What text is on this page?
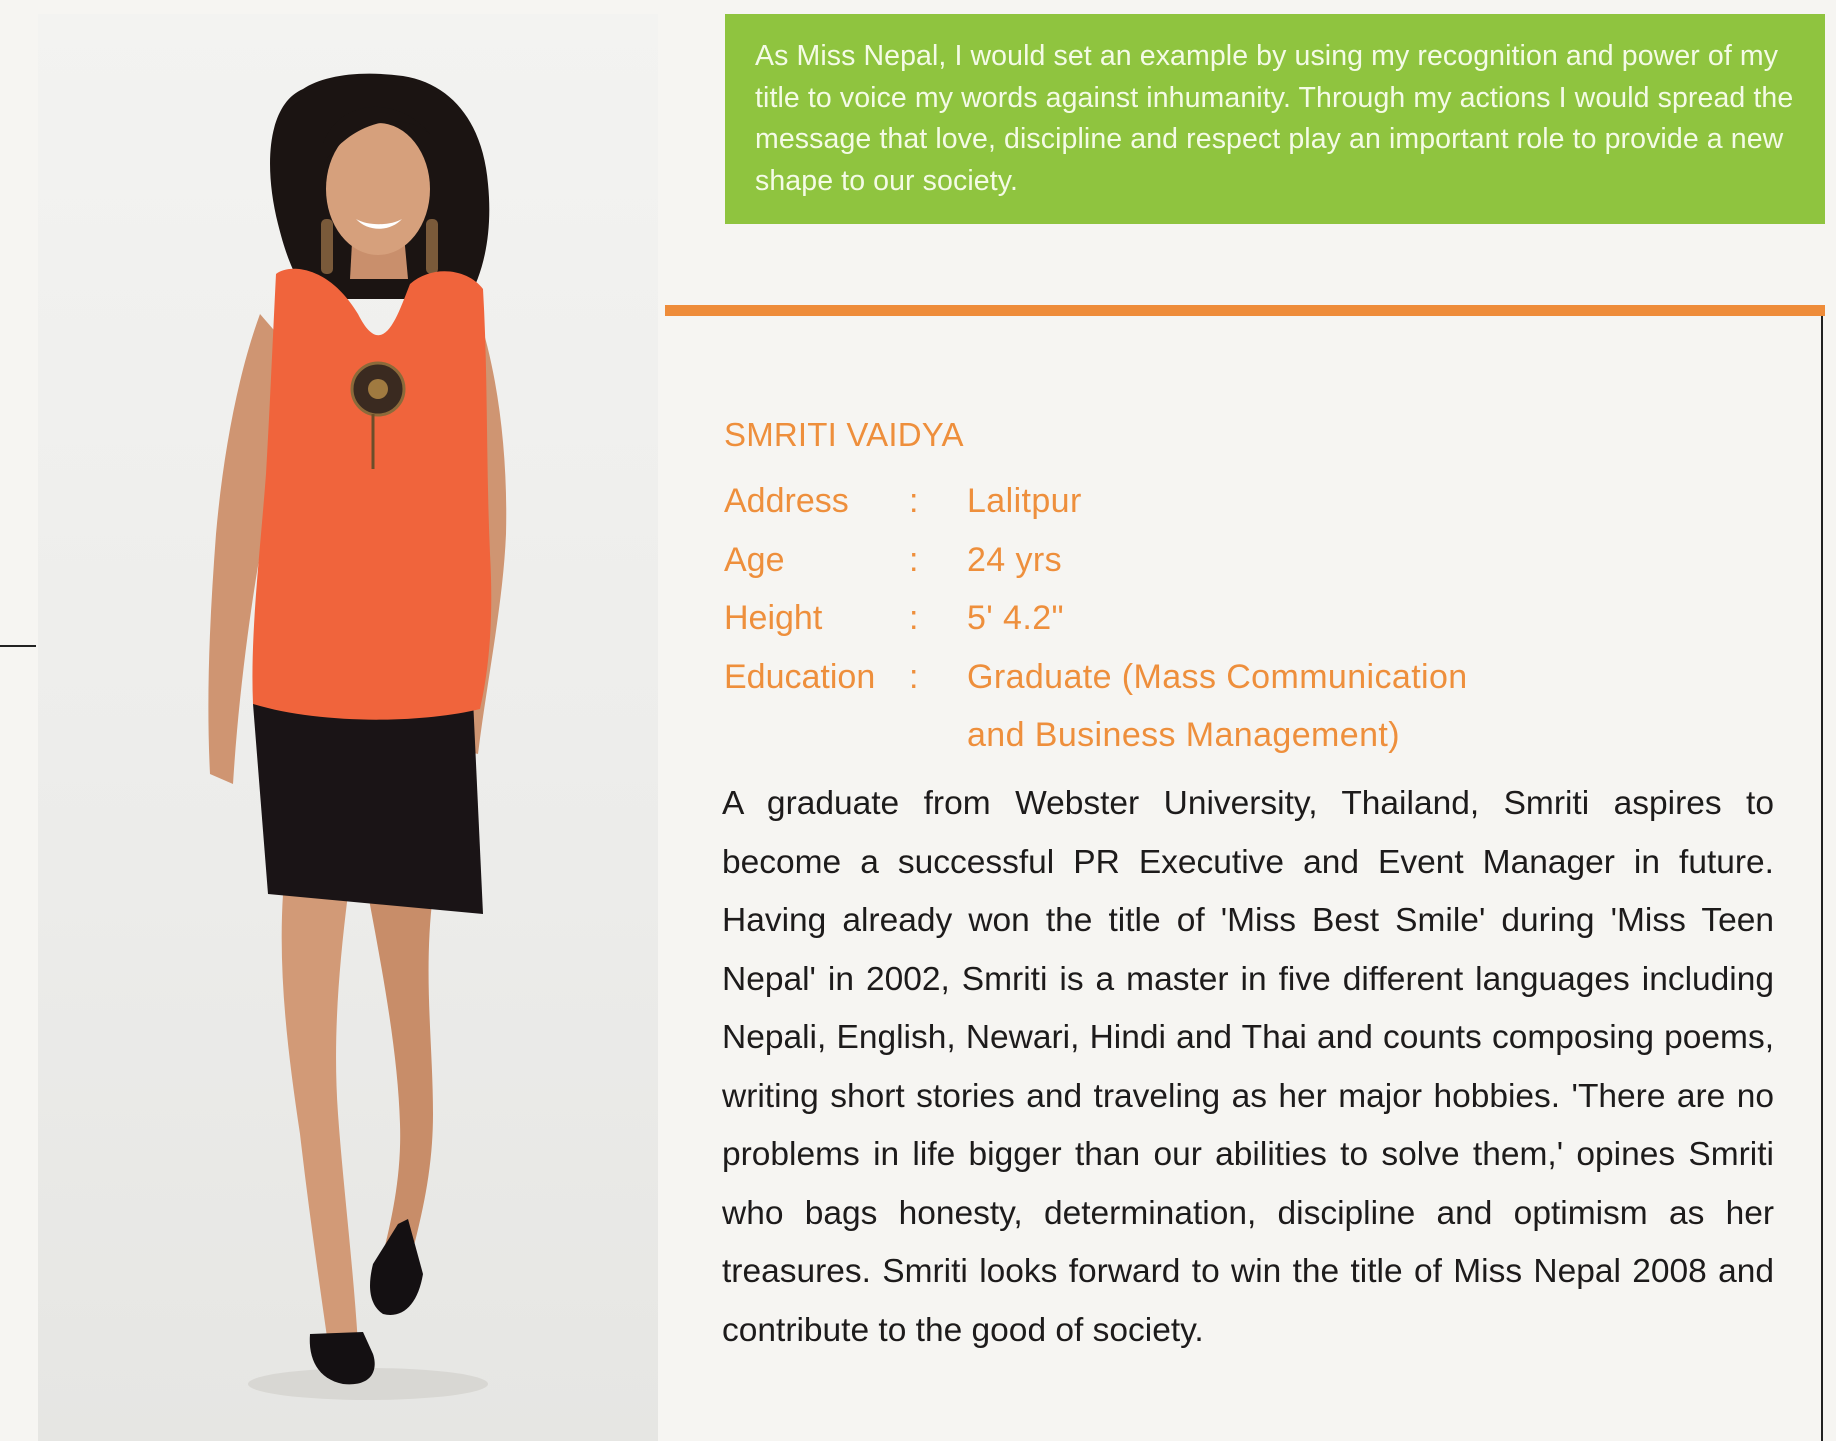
As Miss Nepal, I would set an example by using my recognition and power of my title to voice my words against inhumanity. Through my actions I would spread the message that love, discipline and respect play an important role to provide a new shape to our society.

SMRITI VAIDYA
Address	:	Lalitpur
Age	:	24 yrs
Height	:	5' 4.2"
Education :	Graduate (Mass Communication
and Business Management)

A graduate from Webster University, Thailand, Smriti aspires to become a successful PR Executive and Event Manager in future. Having already won the title of 'Miss Best Smile' during 'Miss Teen Nepal' in 2002, Smriti is a master in five different languages including Nepali, English, Newari, Hindi and Thai and counts composing poems, writing short stories and traveling as her major hobbies. 'There are no problems in life bigger than our abilities to solve them,' opines Smriti who bags honesty, determination, discipline and optimism as her treasures. Smriti looks forward to win the title of Miss Nepal 2008 and contribute to the good of society.
